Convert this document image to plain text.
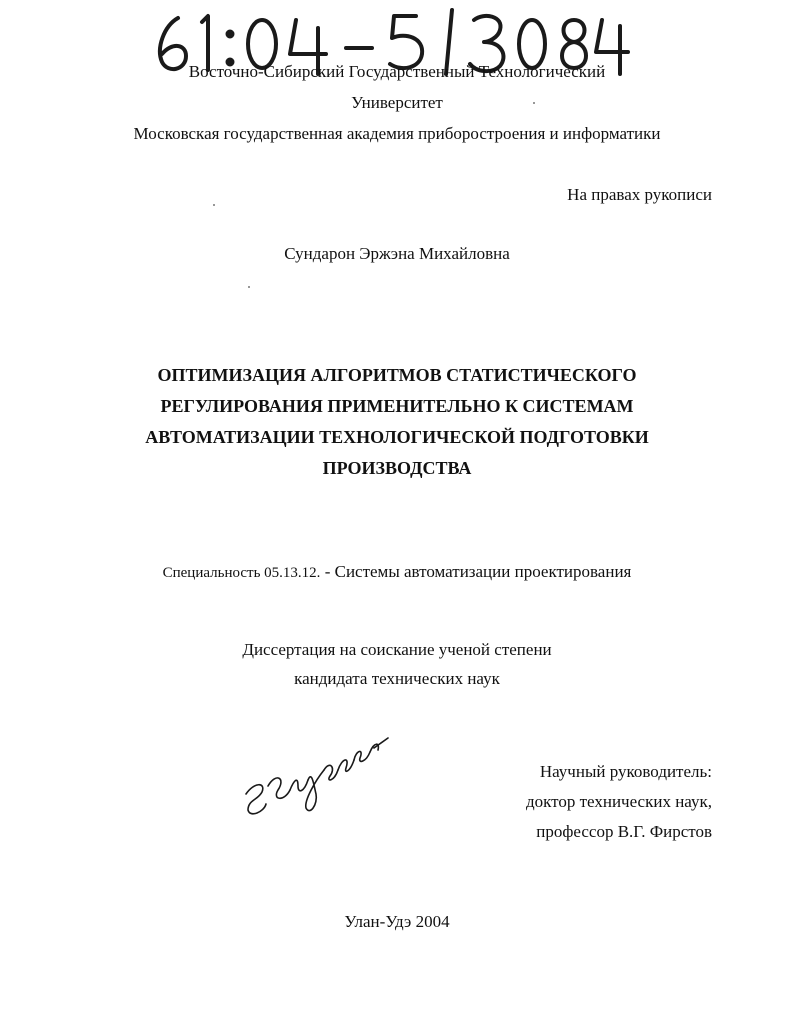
Восточно-Сибирский Государственный Технологический
Университет
Московская государственная академия приборостроения и информатики
На правах рукописи
Сундарон Эржэна Михайловна
ОПТИМИЗАЦИЯ АЛГОРИТМОВ СТАТИСТИЧЕСКОГО
РЕГУЛИРОВАНИЯ ПРИМЕНИТЕЛЬНО К СИСТЕМАМ
АВТОМАТИЗАЦИИ ТЕХНОЛОГИЧЕСКОЙ ПОДГОТОВКИ
ПРОИЗВОДСТВА
Специальность 05.13.12. - Системы автоматизации проектирования
Диссертация на соискание ученой степени
кандидата технических наук
Научный руководитель:
доктор технических наук,
профессор В.Г. Фирстов
Улан-Удэ 2004
